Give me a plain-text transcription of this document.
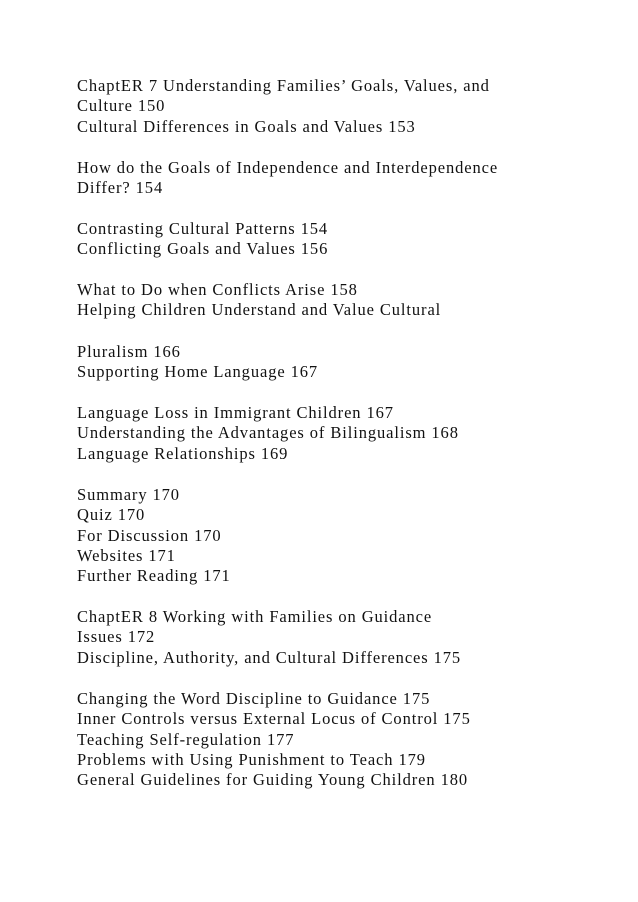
ChaptER 7 Understanding Families’ Goals, Values, and

Culture 150

Cultural Differences in Goals and Values 153

How do the Goals of Independence and Interdependence

Differ? 154

Contrasting Cultural Patterns 154

Conflicting Goals and Values 156

What to Do when Conflicts Arise 158

Helping Children Understand and Value Cultural

Pluralism 166

Supporting Home Language 167

Language Loss in Immigrant Children 167

Understanding the Advantages of Bilingualism 168

Language Relationships 169

Summary 170

Quiz 170

For Discussion 170

Websites 171

Further Reading 171

ChaptER 8 Working with Families on Guidance

Issues 172

Discipline, Authority, and Cultural Differences 175

Changing the Word Discipline to Guidance 175

Inner Controls versus External Locus of Control 175

Teaching Self-regulation 177

Problems with Using Punishment to Teach 179

General Guidelines for Guiding Young Children 180
